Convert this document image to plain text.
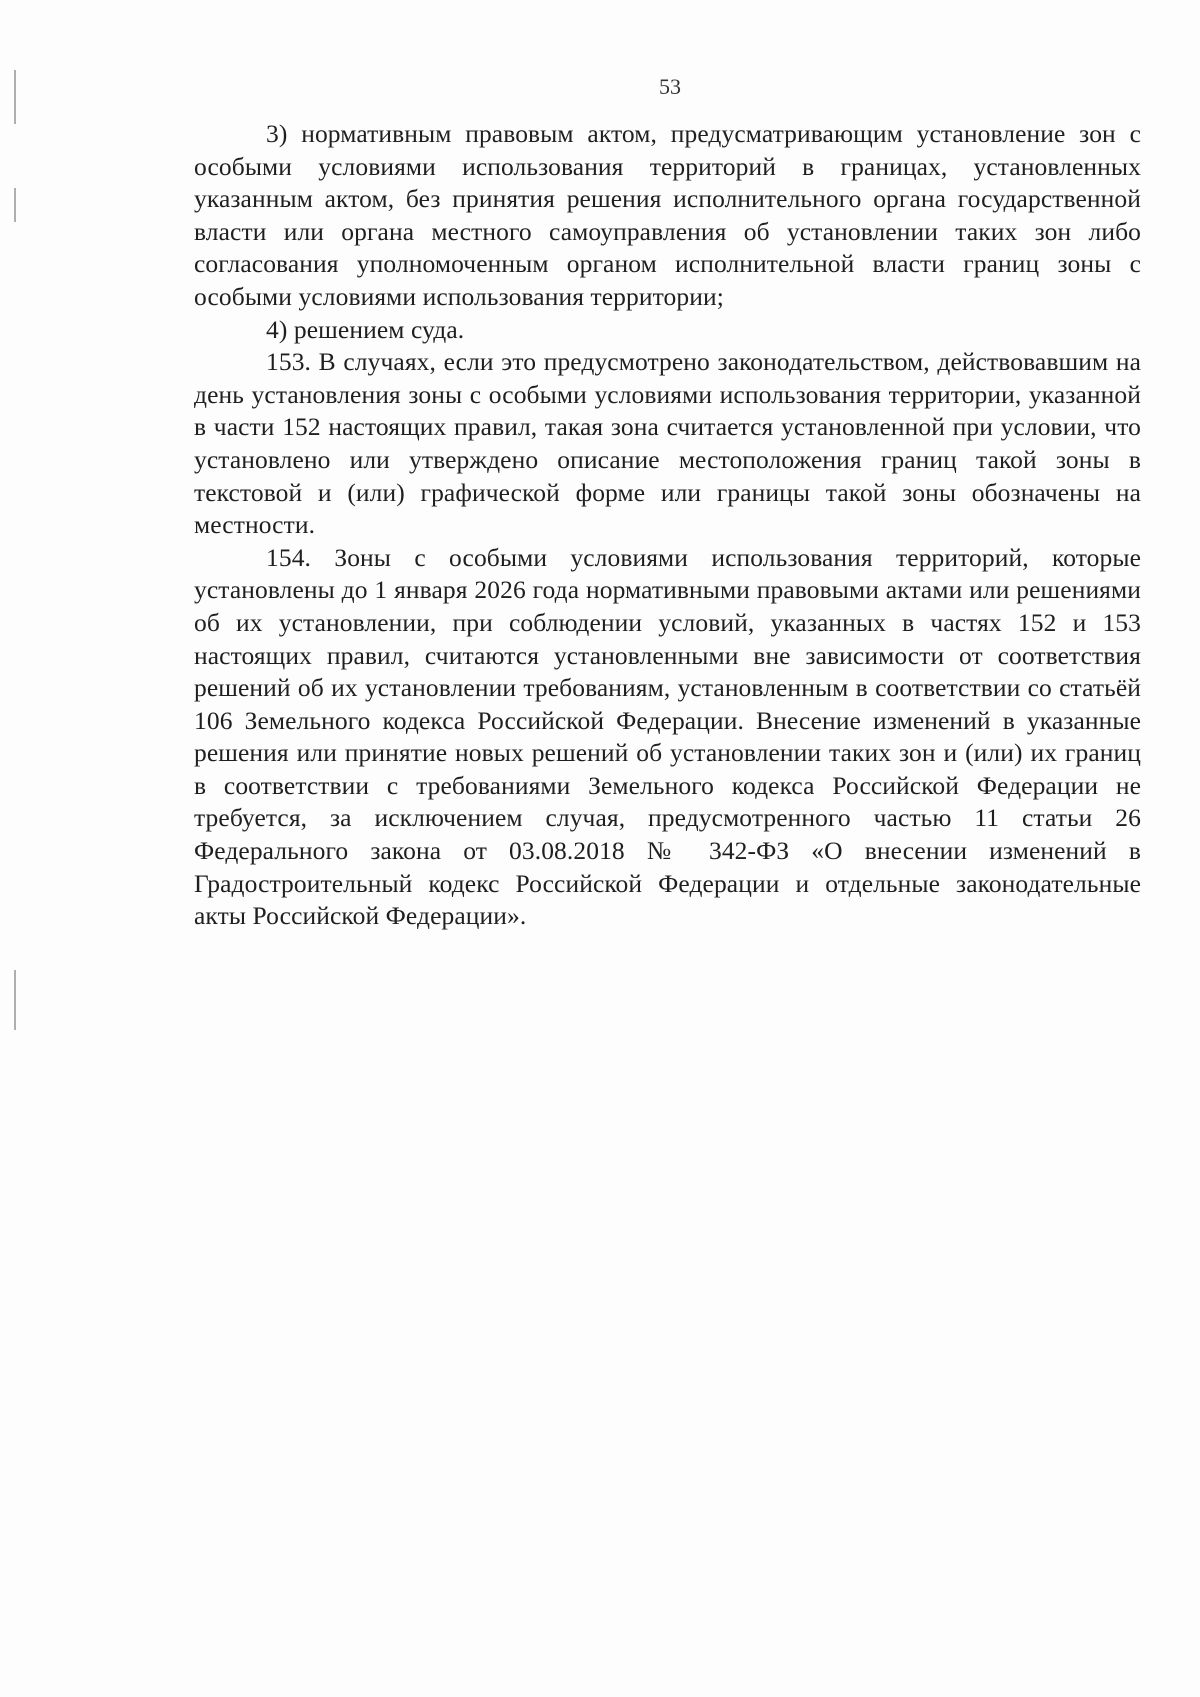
53

3) нормативным правовым актом, предусматривающим установление зон с особыми условиями использования территорий в границах, установленных указанным актом, без принятия решения исполнительного органа государственной власти или органа местного самоуправления об установлении таких зон либо согласования уполномоченным органом исполнительной власти границ зоны с особыми условиями использования территории;

4) решением суда.

153. В случаях, если это предусмотрено законодательством, действовавшим на день установления зоны с особыми условиями использования территории, указанной в части 152 настоящих правил, такая зона считается установленной при условии, что установлено или утверждено описание местоположения границ такой зоны в текстовой и (или) графической форме или границы такой зоны обозначены на местности.

154. Зоны с особыми условиями использования территорий, которые установлены до 1 января 2026 года нормативными правовыми актами или решениями об их установлении, при соблюдении условий, указанных в частях 152 и 153 настоящих правил, считаются установленными вне зависимости от соответствия решений об их установлении требованиям, установленным в соответствии со статьёй 106 Земельного кодекса Российской Федерации. Внесение изменений в указанные решения или принятие новых решений об установлении таких зон и (или) их границ в соответствии с требованиями Земельного кодекса Российской Федерации не требуется, за исключением случая, предусмотренного частью 11 статьи 26 Федерального закона от 03.08.2018 № 342-ФЗ «О внесении изменений в Градостроительный кодекс Российской Федерации и отдельные законодательные акты Российской Федерации».
